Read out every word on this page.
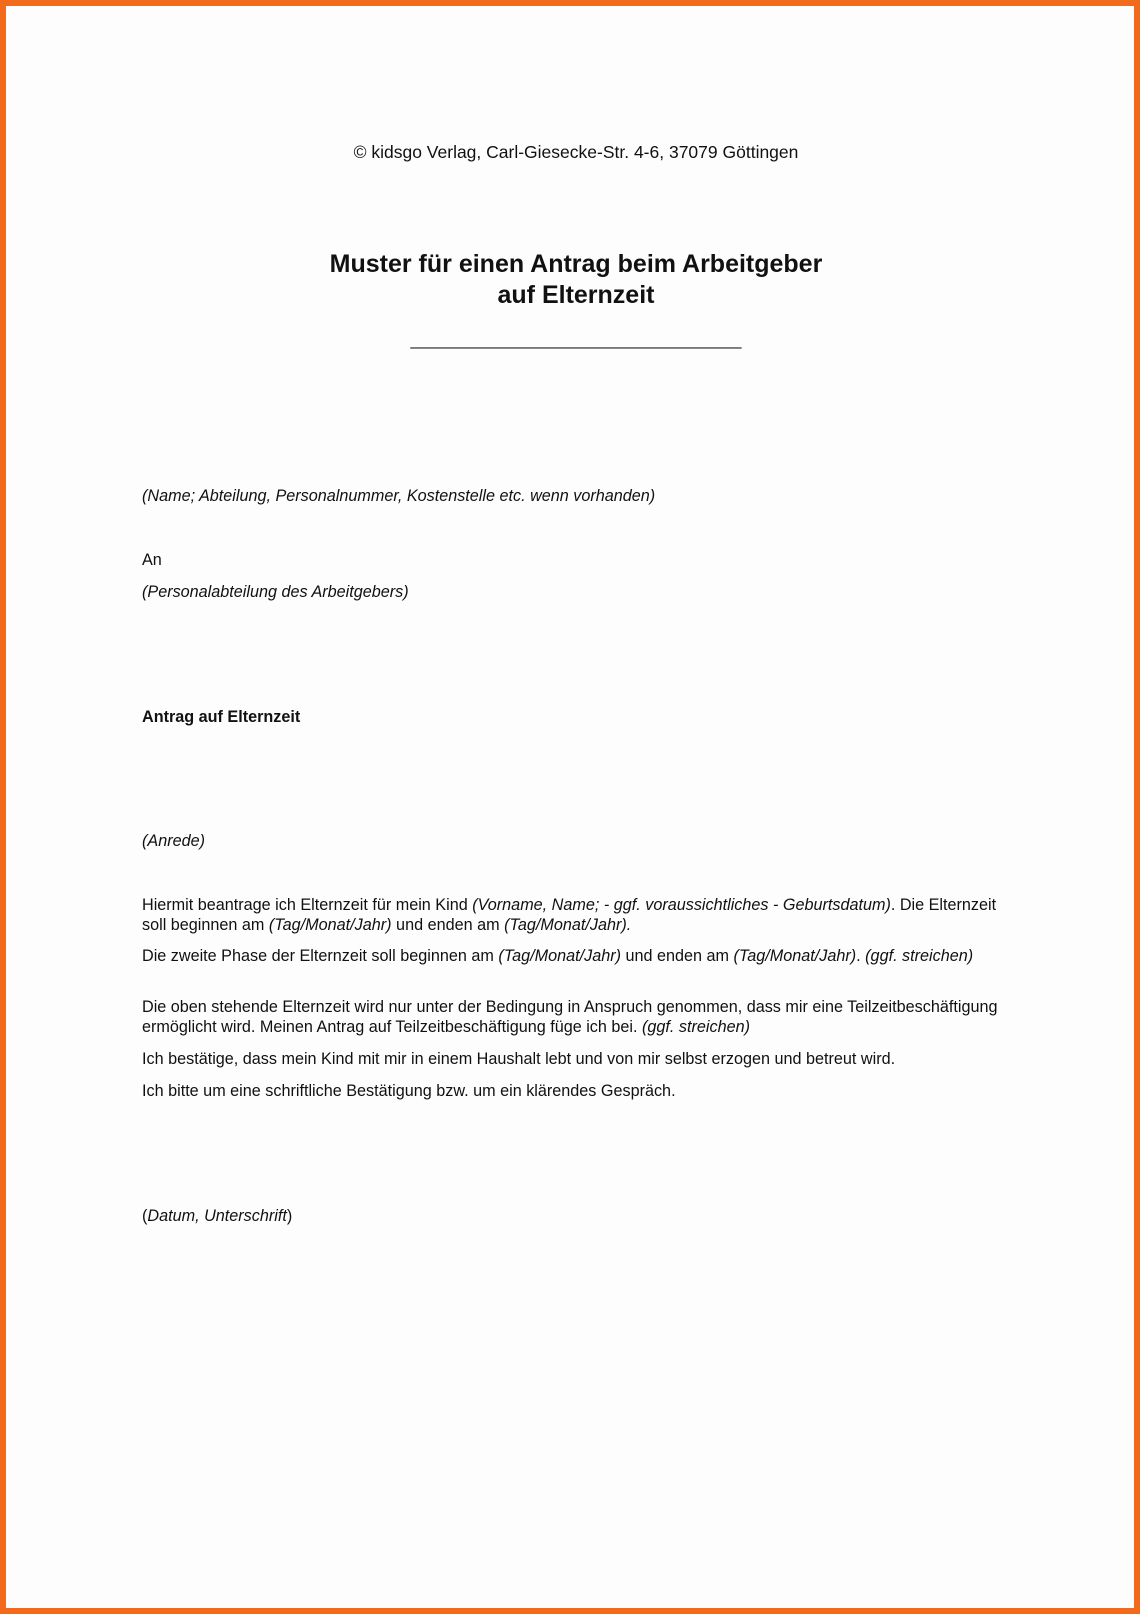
© kidsgo Verlag, Carl-Giesecke-Str. 4-6, 37079 Göttingen

Muster für einen Antrag beim Arbeitgeber
auf Elternzeit

___________________________________

(Name; Abteilung, Personalnummer, Kostenstelle etc. wenn vorhanden)

An

(Personalabteilung des Arbeitgebers)

Antrag auf Elternzeit

(Anrede)

Hiermit beantrage ich Elternzeit für mein Kind (Vorname, Name; - ggf. voraussichtliches - Geburtsdatum). Die Elternzeit soll beginnen am (Tag/Monat/Jahr) und enden am (Tag/Monat/Jahr).

Die zweite Phase der Elternzeit soll beginnen am (Tag/Monat/Jahr) und enden am (Tag/Monat/Jahr). (ggf. streichen)

Die oben stehende Elternzeit wird nur unter der Bedingung in Anspruch genommen, dass mir eine Teilzeitbeschäftigung ermöglicht wird. Meinen Antrag auf Teilzeitbeschäftigung füge ich bei. (ggf. streichen)

Ich bestätige, dass mein Kind mit mir in einem Haushalt lebt und von mir selbst erzogen und betreut wird.

Ich bitte um eine schriftliche Bestätigung bzw. um ein klärendes Gespräch.

(Datum, Unterschrift)
